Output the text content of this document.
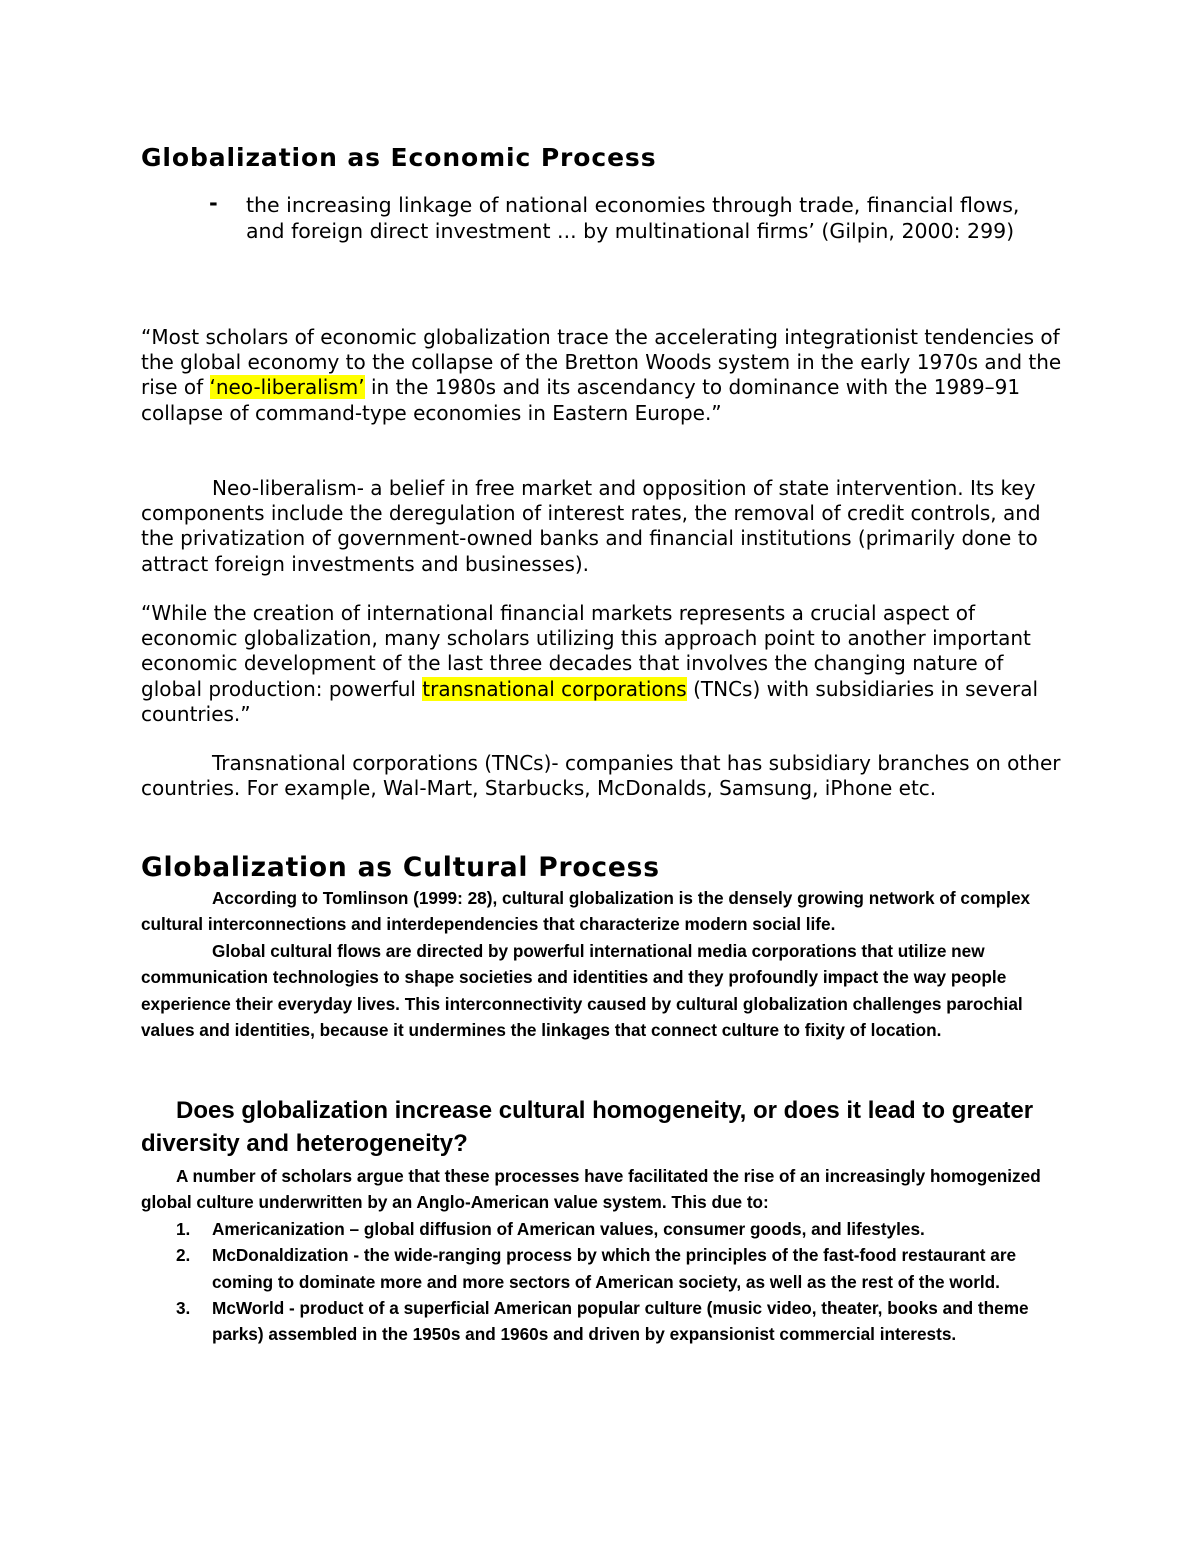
Globalization as Economic Process
- the increasing linkage of national economies through trade, financial flows, and foreign direct investment ... by multinational firms’ (Gilpin, 2000: 299)
“Most scholars of economic globalization trace the accelerating integrationist tendencies of the global economy to the collapse of the Bretton Woods system in the early 1970s and the rise of ‘neo-liberalism’ in the 1980s and its ascendancy to dominance with the 1989–91 collapse of command-type economies in Eastern Europe.”
Neo-liberalism- a belief in free market and opposition of state intervention. Its key components include the deregulation of interest rates, the removal of credit controls, and the privatization of government-owned banks and financial institutions (primarily done to attract foreign investments and businesses).
“While the creation of international financial markets represents a crucial aspect of economic globalization, many scholars utilizing this approach point to another important economic development of the last three decades that involves the changing nature of global production: powerful transnational corporations (TNCs) with subsidiaries in several countries.”
Transnational corporations (TNCs)- companies that has subsidiary branches on other countries. For example, Wal-Mart, Starbucks, McDonalds, Samsung, iPhone etc.
Globalization as Cultural Process
According to Tomlinson (1999: 28), cultural globalization is the densely growing network of complex cultural interconnections and interdependencies that characterize modern social life.
Global cultural flows are directed by powerful international media corporations that utilize new communication technologies to shape societies and identities and they profoundly impact the way people experience their everyday lives. This interconnectivity caused by cultural globalization challenges parochial values and identities, because it undermines the linkages that connect culture to fixity of location.
Does globalization increase cultural homogeneity, or does it lead to greater diversity and heterogeneity?
A number of scholars argue that these processes have facilitated the rise of an increasingly homogenized global culture underwritten by an Anglo-American value system. This due to:
1. Americanization – global diffusion of American values, consumer goods, and lifestyles.
2. McDonaldization - the wide-ranging process by which the principles of the fast-food restaurant are coming to dominate more and more sectors of American society, as well as the rest of the world.
3. McWorld - product of a superficial American popular culture (music video, theater, books and theme parks) assembled in the 1950s and 1960s and driven by expansionist commercial interests.
